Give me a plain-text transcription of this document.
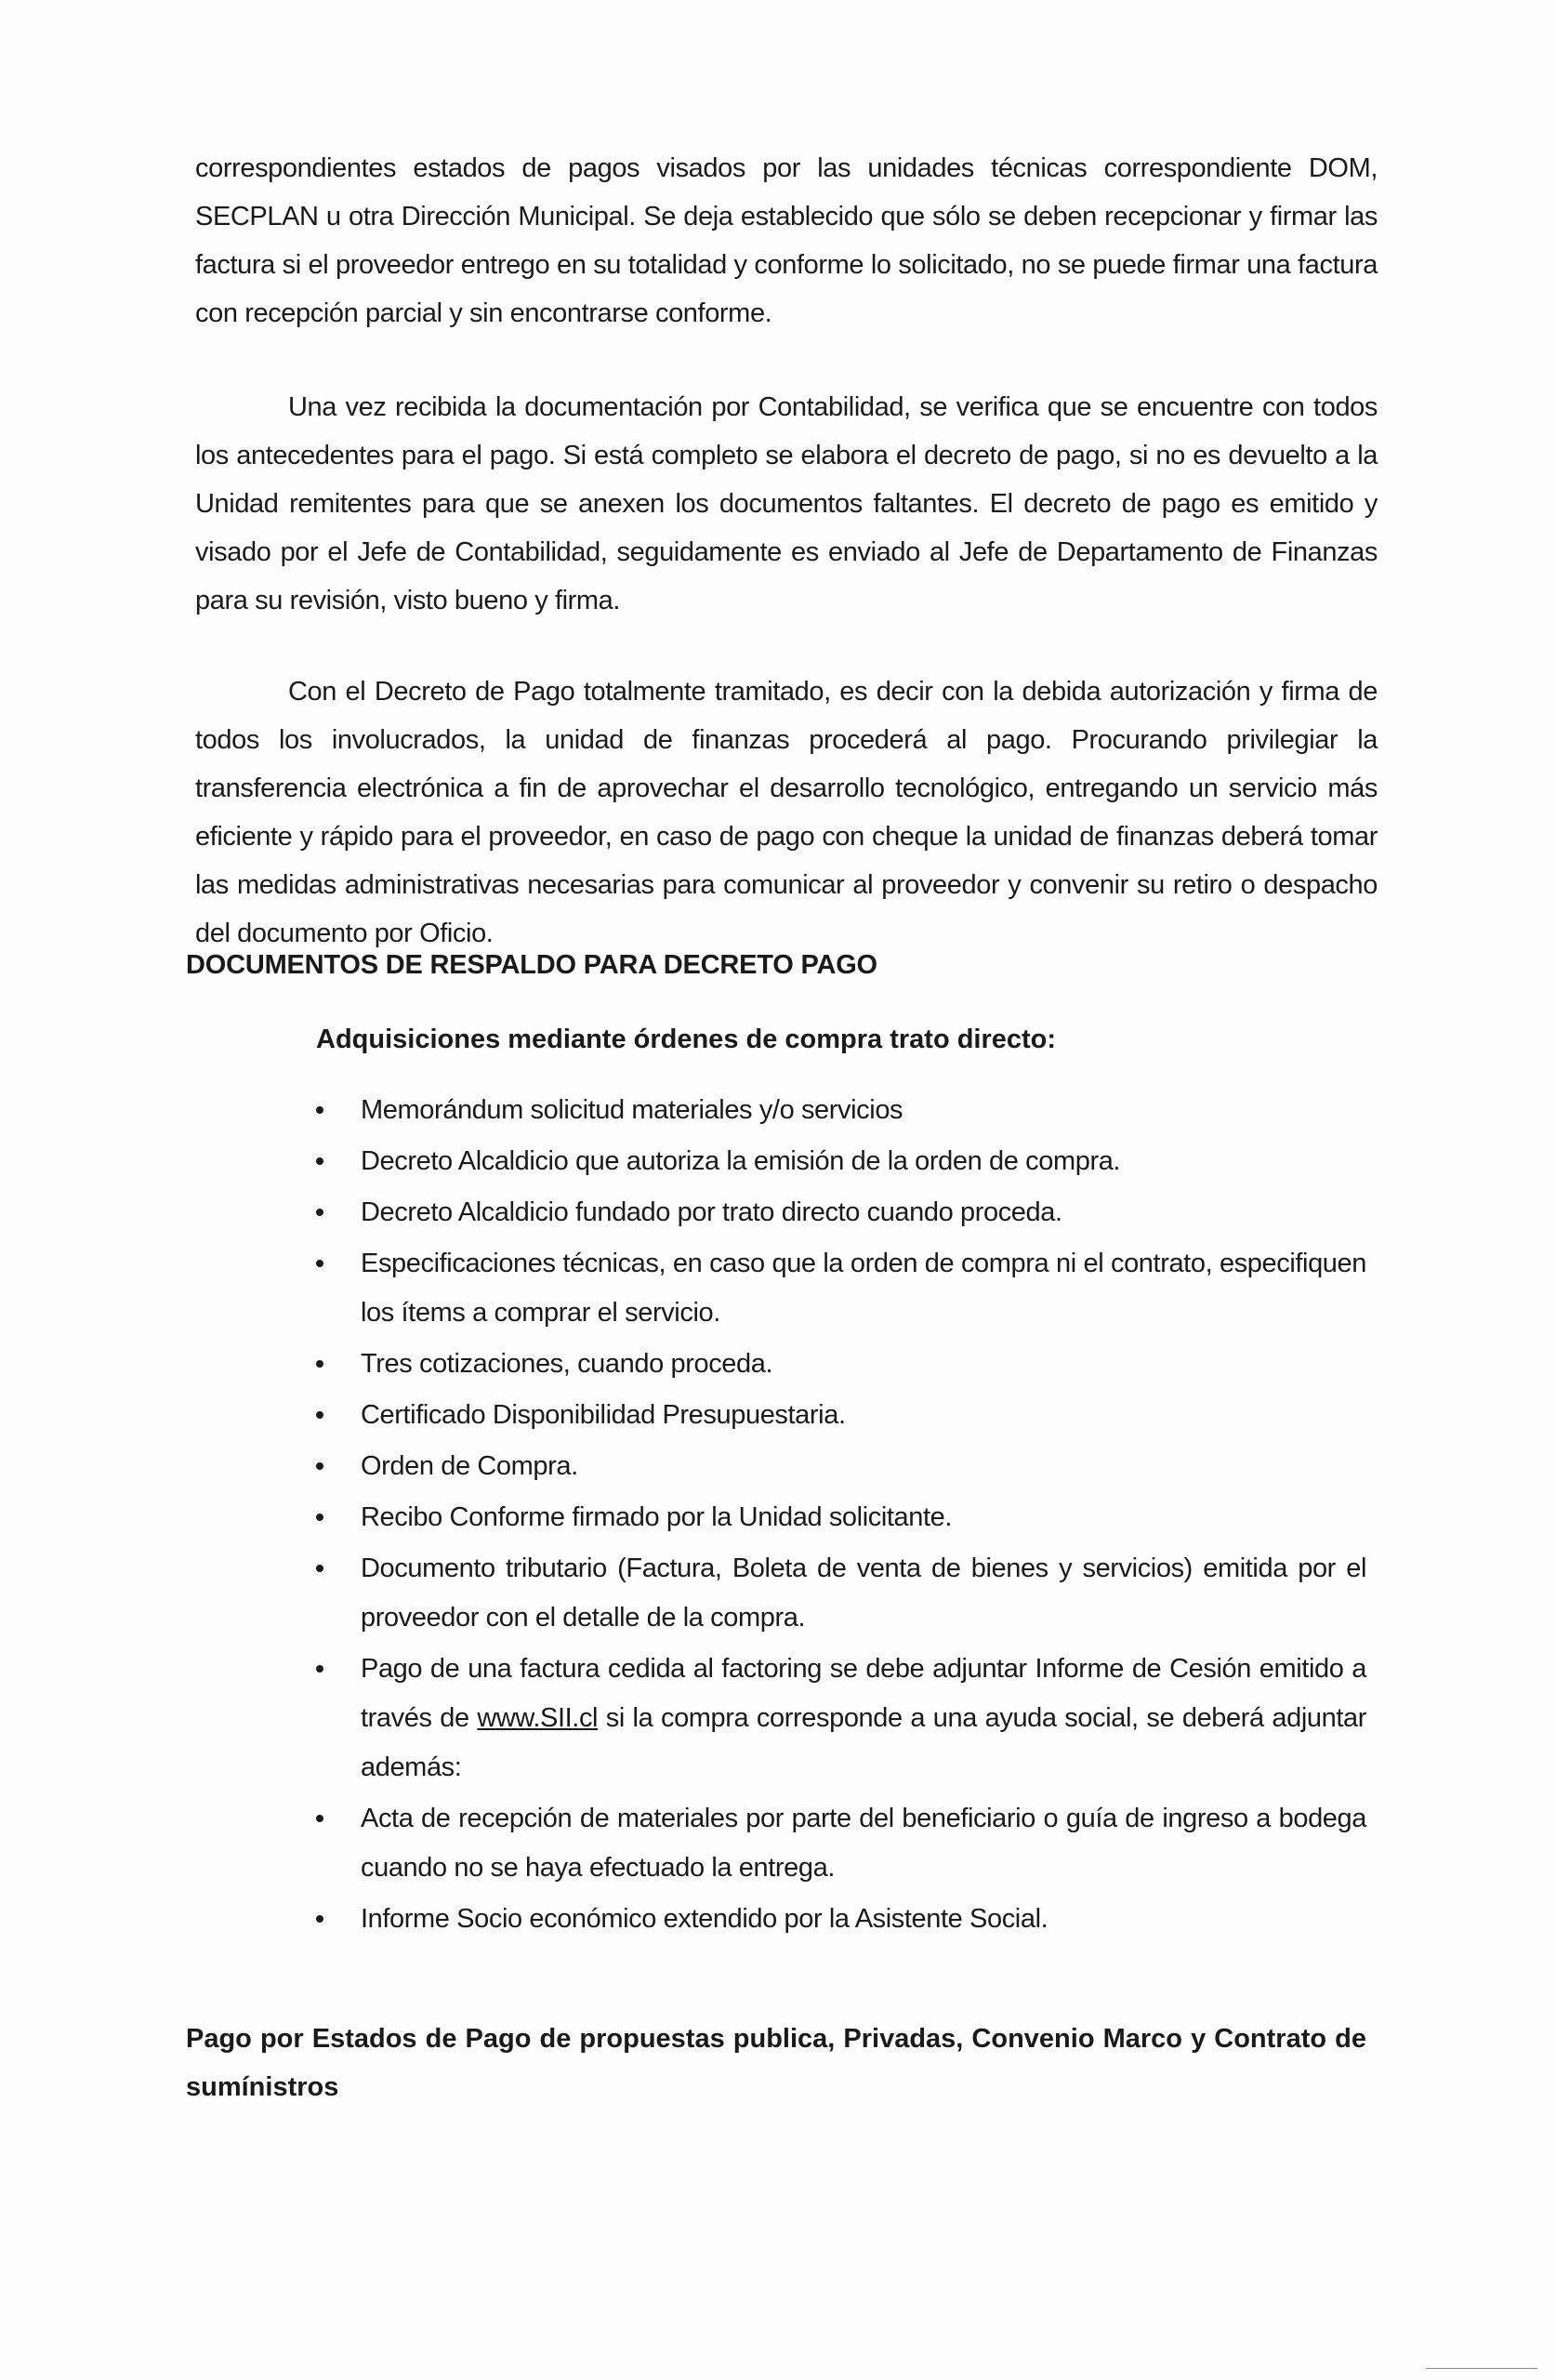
correspondientes estados de pagos visados por las unidades técnicas correspondiente DOM, SECPLAN u otra Dirección Municipal. Se deja establecido que sólo se deben recepcionar y firmar las factura si el proveedor entrego en su totalidad y conforme lo solicitado, no se puede firmar una factura con recepción parcial y sin encontrarse conforme.

Una vez recibida la documentación por Contabilidad, se verifica que se encuentre con todos los antecedentes para el pago. Si está completo se elabora el decreto de pago, si no es devuelto a la Unidad remitentes para que se anexen los documentos faltantes. El decreto de pago es emitido y visado por el Jefe de Contabilidad, seguidamente es enviado al Jefe de Departamento de Finanzas para su revisión, visto bueno y firma.

Con el Decreto de Pago totalmente tramitado, es decir con la debida autorización y firma de todos los involucrados, la unidad de finanzas procederá al pago. Procurando privilegiar la transferencia electrónica a fin de aprovechar el desarrollo tecnológico, entregando un servicio más eficiente y rápido para el proveedor, en caso de pago con cheque la unidad de finanzas deberá tomar las medidas administrativas necesarias para comunicar al proveedor y convenir su retiro o despacho del documento por Oficio.

DOCUMENTOS DE RESPALDO PARA DECRETO PAGO
Adquisiciones mediante órdenes de compra trato directo:
Memorándum solicitud materiales y/o servicios
Decreto Alcaldicio que autoriza la emisión de la orden de compra.
Decreto Alcaldicio fundado por trato directo cuando proceda.
Especificaciones técnicas, en caso que la orden de compra ni el contrato, especifiquen los ítems a comprar el servicio.
Tres cotizaciones, cuando proceda.
Certificado Disponibilidad Presupuestaria.
Orden de Compra.
Recibo Conforme firmado por la Unidad solicitante.
Documento tributario (Factura, Boleta de venta de bienes y servicios) emitida por el proveedor con el detalle de la compra.
Pago de una factura cedida al factoring se debe adjuntar Informe de Cesión emitido a través de www.SII.cl si la compra corresponde a una ayuda social, se deberá adjuntar además:
Acta de recepción de materiales por parte del beneficiario o guía de ingreso a bodega cuando no se haya efectuado la entrega.
Informe Socio económico extendido por la Asistente Social.
Pago por Estados de Pago de propuestas publica, Privadas, Convenio Marco y Contrato de sumínistros
